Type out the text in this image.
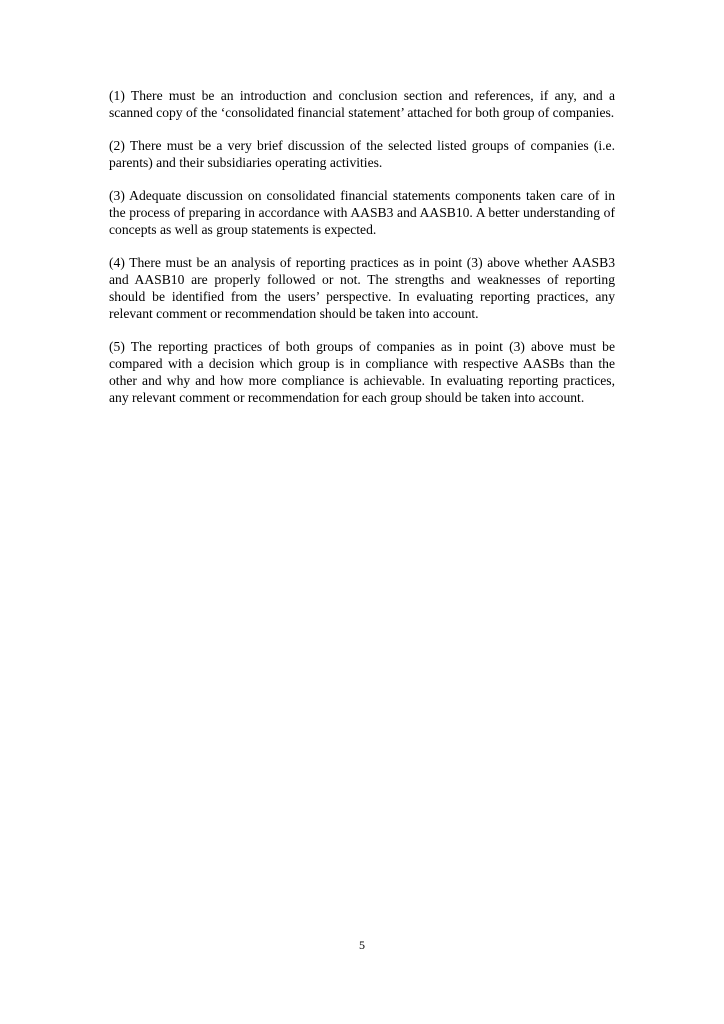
(1) There must be an introduction and conclusion section and references, if any, and a scanned copy of the ‘consolidated financial statement’ attached for both group of companies.

(2) There must be a very brief discussion of the selected listed groups of companies (i.e. parents) and their subsidiaries operating activities.

(3) Adequate discussion on consolidated financial statements components taken care of in the process of preparing in accordance with AASB3 and AASB10. A better understanding of concepts as well as group statements is expected.

(4) There must be an analysis of reporting practices as in point (3) above whether AASB3 and AASB10 are properly followed or not. The strengths and weaknesses of reporting should be identified from the users’ perspective. In evaluating reporting practices, any relevant comment or recommendation should be taken into account.

(5) The reporting practices of both groups of companies as in point (3) above must be compared with a decision which group is in compliance with respective AASBs than the other and why and how more compliance is achievable. In evaluating reporting practices, any relevant comment or recommendation for each group should be taken into account.

5
